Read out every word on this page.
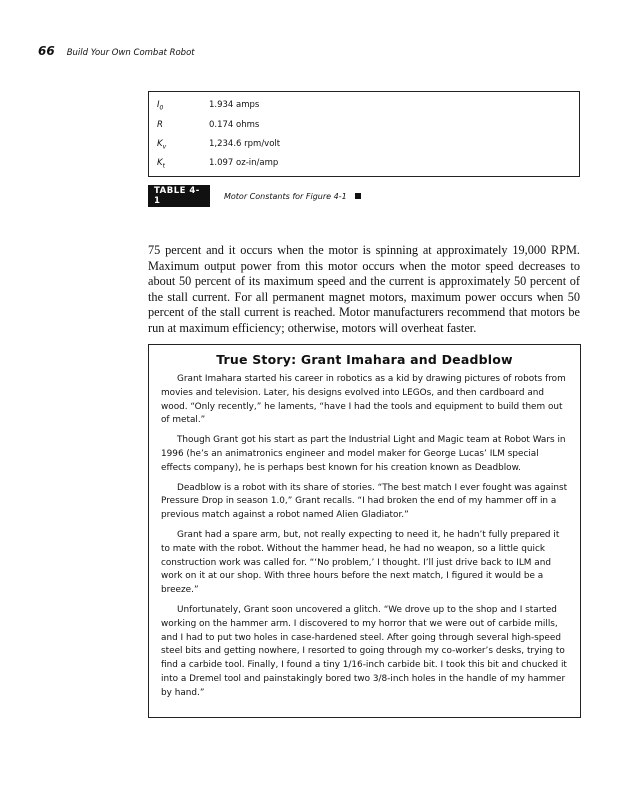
66 Build Your Own Combat Robot
$I_0$	1.934 amps
R	0.174 ohms
$K_v$	1,234.6 rpm/volt
$K_t$	1.097 oz-in/amp
TABLE 4-1	Motor Constants for Figure 4-1
75 percent and it occurs when the motor is spinning at approximately 19,000 RPM. Maximum output power from this motor occurs when the motor speed decreases to about 50 percent of its maximum speed and the current is approximately 50 percent of the stall current. For all permanent magnet motors, maximum power occurs when 50 percent of the stall current is reached. Motor manufacturers recommend that motors be run at maximum efficiency; otherwise, motors will overheat faster.
True Story: Grant Imahara and Deadblow

Grant Imahara started his career in robotics as a kid by drawing pictures of robots from movies and television. Later, his designs evolved into LEGOs, and then cardboard and wood. “Only recently,” he laments, “have I had the tools and equipment to build them out of metal.”

Though Grant got his start as part the Industrial Light and Magic team at Robot Wars in 1996 (he’s an animatronics engineer and model maker for George Lucas’ ILM special effects company), he is perhaps best known for his creation known as Deadblow.

Deadblow is a robot with its share of stories. “The best match I ever fought was against Pressure Drop in season 1.0,” Grant recalls. “I had broken the end of my hammer off in a previous match against a robot named Alien Gladiator.”

Grant had a spare arm, but, not really expecting to need it, he hadn’t fully prepared it to mate with the robot. Without the hammer head, he had no weapon, so a little quick construction work was called for. “‘No problem,’ I thought. I’ll just drive back to ILM and work on it at our shop. With three hours before the next match, I figured it would be a breeze.”

Unfortunately, Grant soon uncovered a glitch. “We drove up to the shop and I started working on the hammer arm. I discovered to my horror that we were out of carbide mills, and I had to put two holes in case-hardened steel. After going through several high-speed steel bits and getting nowhere, I resorted to going through my co-worker’s desks, trying to find a carbide tool. Finally, I found a tiny 1/16-inch carbide bit. I took this bit and chucked it into a Dremel tool and painstakingly bored two 3/8-inch holes in the handle of my hammer by hand.”
